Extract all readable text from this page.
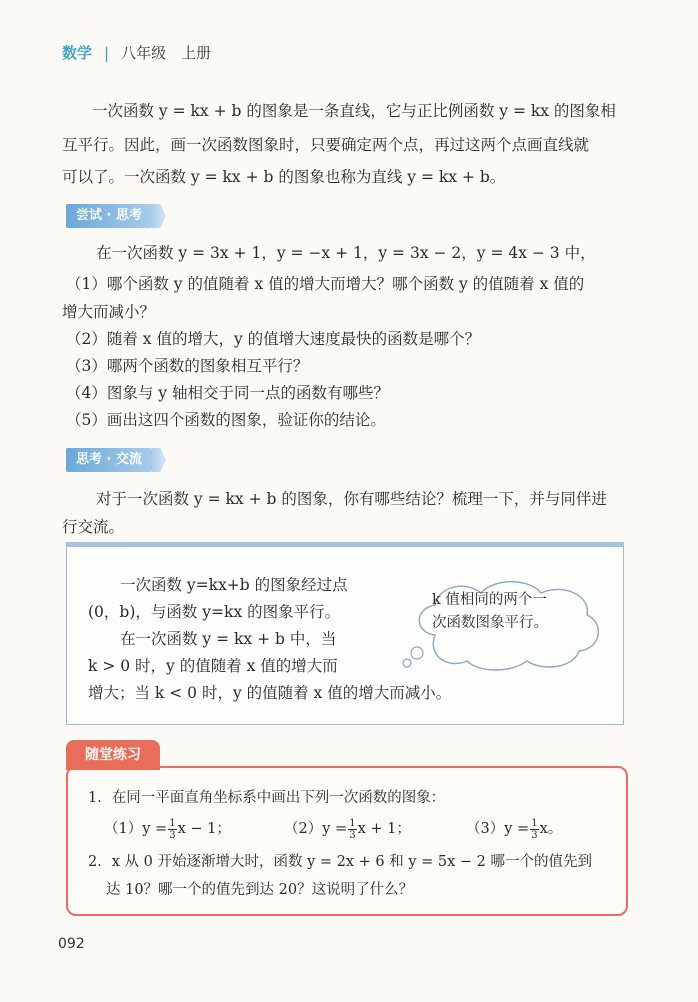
数学 | 八年级　上册
一次函数 y = kx + b 的图象是一条直线，它与正比例函数 y = kx 的图象相
互平行。因此，画一次函数图象时，只要确定两个点，再过这两个点画直线就
可以了。一次函数 y = kx + b 的图象也称为直线 y = kx + b。
尝试 · 思考
在一次函数 y = 3x + 1，y = −x + 1，y = 3x − 2，y = 4x − 3 中，
（1）哪个函数 y 的值随着 x 值的增大而增大？哪个函数 y 的值随着 x 值的
增大而减小？
（2）随着 x 值的增大，y 的值增大速度最快的函数是哪个？
（3）哪两个函数的图象相互平行？
（4）图象与 y 轴相交于同一点的函数有哪些？
（5）画出这四个函数的图象，验证你的结论。
思考 · 交流
对于一次函数 y = kx + b 的图象，你有哪些结论？梳理一下，并与同伴进
行交流。
一次函数 y=kx+b 的图象经过点
(0，b)，与函数 y=kx 的图象平行。
在一次函数 y = kx + b 中，当
k > 0 时，y 的值随着 x 值的增大而
增大；当 k < 0 时，y 的值随着 x 值的增大而减小。
k 值相同的两个一
次函数图象平行。
随堂练习
1．在同一平面直角坐标系中画出下列一次函数的图象：
$(1)y = \frac{1}{3}$ x − 1；	$(2)y = \frac{1}{3}$ x + 1；	$(3)y = \frac{1}{3}$ x。
2．x 从 0 开始逐渐增大时，函数 y = 2x + 6 和 y = 5x − 2 哪一个的值先到
达 10？哪一个的值先到达 20？这说明了什么？
092
